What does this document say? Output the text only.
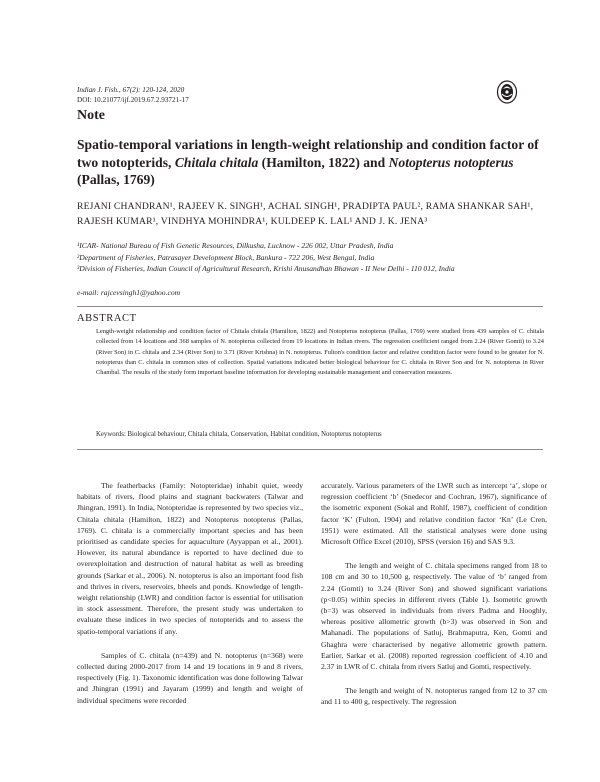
Indian J. Fish., 67(2): 120-124, 2020
DOI: 10.21077/ijf.2019.67.2.93721-17
Note
Spatio-temporal variations in length-weight relationship and condition factor of two notopterids, Chitala chitala (Hamilton, 1822) and Notopterus notopterus (Pallas, 1769)
REJANI CHANDRAN¹, RAJEEV K. SINGH¹, ACHAL SINGH¹, PRADIPTA PAUL², RAMA SHANKAR SAH¹, RAJESH KUMAR¹, VINDHYA MOHINDRA¹, KULDEEP K. LAL¹ AND J. K. JENA³
¹ICAR- National Bureau of Fish Genetic Resources, Dilkusha, Lucknow - 226 002, Uttar Pradesh, India
²Department of Fisheries, Patrasayer Development Block, Bankura - 722 206, West Bengal, India
³Division of Fisheries, Indian Council of Agricultural Research, Krishi Anusandhan Bhawan - II New Delhi - 110 012, India
e-mail: rajcevsingh1@yahoo.com
ABSTRACT
Length-weight relationship and condition factor of Chitala chitala (Hamilton, 1822) and Notopterus notopterus (Pallas, 1769) were studied from 439 samples of C. chitala collected from 14 locations and 368 samples of N. notopterus collected from 19 locations in Indian rivers. The regression coefficient ranged from 2.24 (River Gomti) to 3.24 (River Son) in C. chitala and 2.34 (River Son) to 3.71 (River Krishna) in N. notopterus. Fulton's condition factor and relative condition factor were found to be greater for N. notopterus than C. chitala in common sites of collection. Spatial variations indicated better biological behaviour for C. chitala in River Son and for N. notopterus in River Chambal. The results of the study form important baseline information for developing sustainable management and conservation measures.
Keywords: Biological behaviour, Chitala chitala, Conservation, Habitat condition, Notopterus notopterus

The featherbacks (Family: Notopteridae) inhabit quiet, weedy habitats of rivers, flood plains and stagnant backwaters (Talwar and Jhingran, 1991). In India, Notopteridae is represented by two species viz., Chitala chitala (Hamilton, 1822) and Notopterus notopterus (Pallas, 1769). C. chitala is a commercially important species and has been prioritised as candidate species for aquaculture (Ayyappan et al., 2001). However, its natural abundance is reported to have declined due to overexploitation and destruction of natural habitat as well as breeding grounds (Sarkar et al., 2006). N. notopterus is also an important food fish and thrives in rivers, reservoirs, bheels and ponds. Knowledge of length-weight relationship (LWR) and condition factor is essential for utilisation in stock assessment. Therefore, the present study was undertaken to evaluate these indices in two species of notopterids and to assess the spatio-temporal variations if any.

Samples of C. chitala (n=439) and N. notopterus (n=368) were collected during 2000-2017 from 14 and 19 locations in 9 and 8 rivers, respectively (Fig. 1). Taxonomic identification was done following Talwar and Jhingran (1991) and Jayaram (1999) and length and weight of individual specimens were recorded

accurately. Various parameters of the LWR such as intercept ‘a’, slope or regression coefficient ‘b’ (Snedecor and Cochran, 1967), significance of the isometric exponent (Sokal and Rohlf, 1987), coefficient of condition factor ‘K’ (Fulton, 1904) and relative condition factor ‘Kn’ (Le Cren, 1951) were estimated. All the statistical analyses were done using Microsoft Office Excel (2010), SPSS (version 16) and SAS 9.3.

The length and weight of C. chitala specimens ranged from 18 to 108 cm and 30 to 10,500 g, respectively. The value of ‘b’ ranged from 2.24 (Gomti) to 3.24 (River Son) and showed significant variations (p<0.05) within species in different rivers (Table 1). Isometric growth (b=3) was observed in individuals from rivers Padma and Hooghly, whereas positive allometric growth (b>3) was observed in Son and Mahanadi. The populations of Satluj, Brahmaputra, Ken, Gomti and Ghaghra were characterised by negative allometric growth pattern. Earlier, Sarkar et al. (2008) reported regression coefficient of 4.10 and 2.37 in LWR of C. chitala from rivers Satluj and Gomti, respectively.

The length and weight of N. notopterus ranged from 12 to 37 cm and 11 to 400 g, respectively. The regression
